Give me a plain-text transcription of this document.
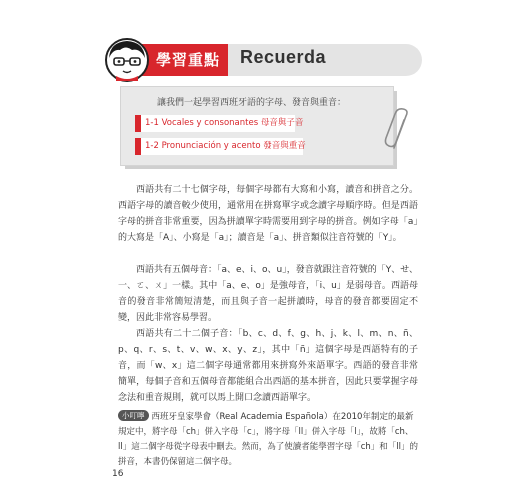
學習重點 Recuerda
讓我們一起學習西班牙語的字母、發音與重音：
1-1 Vocales y consonantes 母音與子音
1-2 Pronunciación y acento 發音與重音

西語共有二十七個字母，每個字母都有大寫和小寫，讀音和拼音之分。西語字母的讀音較少使用，通常用在拼寫單字或念讀字母順序時。但是西語字母的拼音非常重要，因為拼讀單字時需要用到字母的拼音。例如字母「a」的大寫是「A」、小寫是「a」；讀音是「a」、拼音類似注音符號的「Y」。

西語共有五個母音：「a、e、i、o、u」，發音就跟注音符號的「Y、せ、一、ㄛ、ㄨ」一樣。其中「a、e、o」是強母音，「i、u」是弱母音。西語母音的發音非常簡短清楚，而且與子音一起拼讀時，母音的發音都要固定不變，因此非常容易學習。

西語共有二十二個子音：「b、c、d、f、g、h、j、k、l、m、n、ñ、p、q、r、s、t、v、w、x、y、z」，其中「ñ」這個字母是西語特有的子音，而「w、x」這二個字母通常都用來拼寫外來語單字。西語的發音非常簡單，每個子音和五個母音都能組合出西語的基本拼音，因此只要掌握字母念法和重音規則，就可以馬上開口念讀西語單字。

小叮嚀 西班牙皇家學會（Real Academia Española）在2010年制定的最新規定中，將字母「ch」併入字母「c」，將字母「ll」併入字母「l」，故將「ch、ll」這二個字母從字母表中刪去。然而，為了使讀者能學習字母「ch」和「ll」的拼音，本書仍保留這二個字母。
16
